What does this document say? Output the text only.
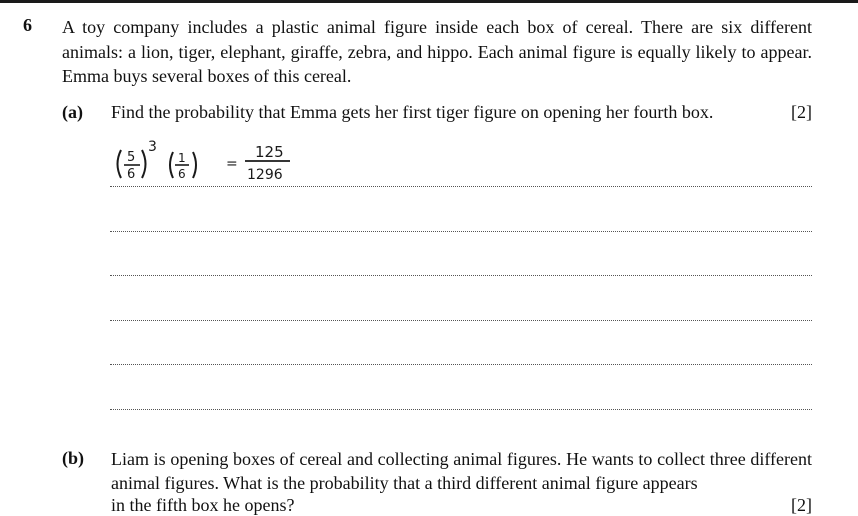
6 A toy company includes a plastic animal figure inside each box of cereal. There are six different animals: a lion, tiger, elephant, giraffe, zebra, and hippo. Each animal figure is equally likely to appear. Emma buys several boxes of this cereal.
(a) Find the probability that Emma gets her first tiger figure on opening her fourth box.	[2]
5
6
3
1
6
=
125
1296
(b) Liam is opening boxes of cereal and collecting animal figures. He wants to collect three different animal figures. What is the probability that a third different animal figure appears
in the fifth box he opens?	[2]
